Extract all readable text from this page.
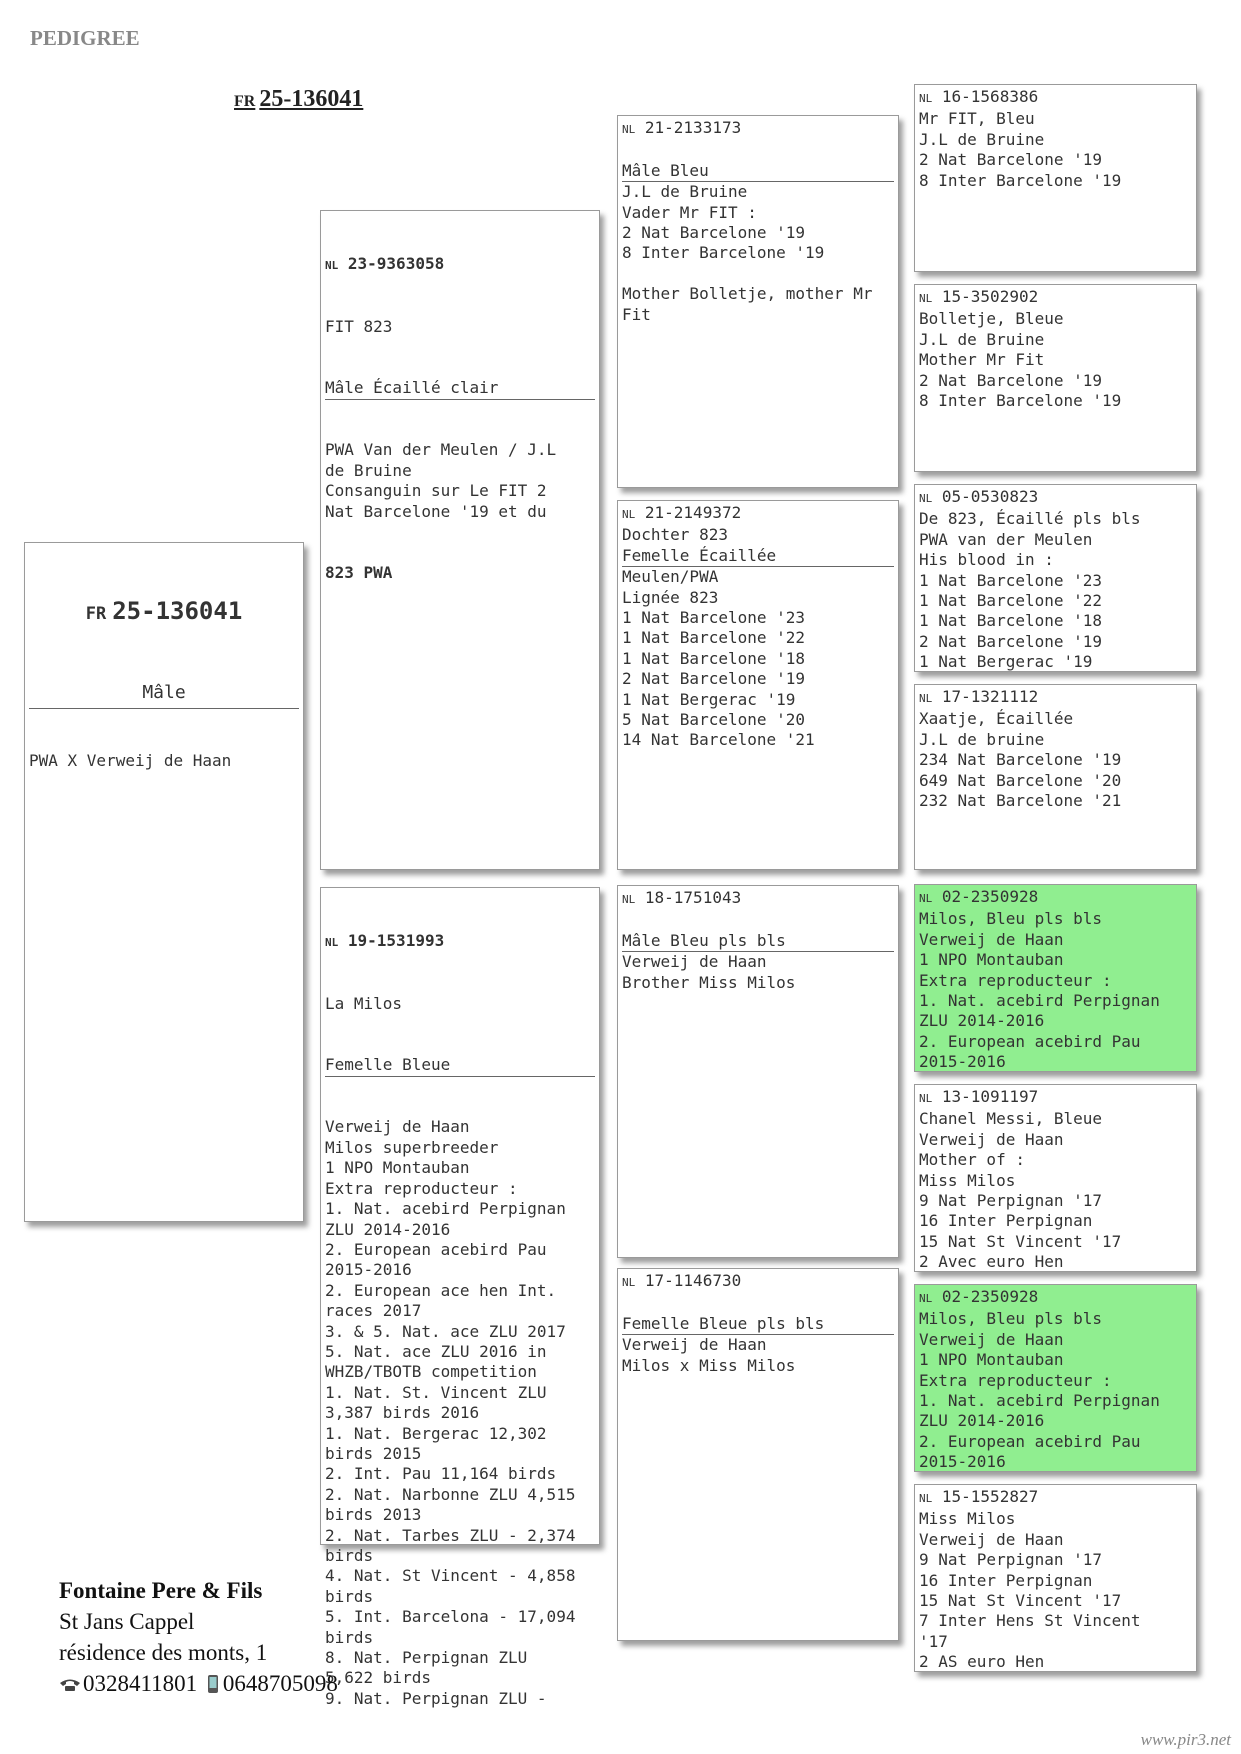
PEDIGREE
FR 25-136041

FR 25-136041

Mâle

PWA X Verweij de Haan

NL 23-9363058

FIT 823

Mâle Écaillé clair

PWA Van der Meulen / J.L
de Bruine
Consanguin sur Le FIT 2
Nat Barcelone '19 et du

823 PWA

NL 19-1531993

La Milos

Femelle Bleue

Verweij de Haan
Milos superbreeder
1 NPO Montauban
Extra reproducteur :
1. Nat. acebird Perpignan
ZLU 2014-2016
2. European acebird Pau
2015-2016
2. European ace hen Int.
races 2017
3. & 5. Nat. ace ZLU 2017
5. Nat. ace ZLU 2016 in
WHZB/TBOTB competition
1. Nat. St. Vincent ZLU
3,387 birds 2016
1. Nat. Bergerac 12,302
birds 2015
2. Int. Pau 11,164 birds
2. Nat. Narbonne ZLU 4,515
birds 2013
2. Nat. Tarbes ZLU - 2,374
birds
4. Nat. St Vincent - 4,858
birds
5. Int. Barcelona - 17,094
birds
8. Nat. Perpignan ZLU
5,622 birds
9. Nat. Perpignan ZLU -

NL 21-2133173

Mâle Bleu
J.L de Bruine
Vader Mr FIT :
2 Nat Barcelone '19
8 Inter Barcelone '19

Mother Bolletje, mother Mr
Fit
NL 21-2149372
Dochter 823
Femelle Écaillée
Meulen/PWA
Lignée 823
1 Nat Barcelone '23
1 Nat Barcelone '22
1 Nat Barcelone '18
2 Nat Barcelone '19
1 Nat Bergerac '19
5 Nat Barcelone '20
14 Nat Barcelone '21
NL 18-1751043

Mâle Bleu pls bls
Verweij de Haan
Brother Miss Milos
NL 17-1146730

Femelle Bleue pls bls
Verweij de Haan
Milos x Miss Milos
NL 16-1568386
Mr FIT, Bleu
J.L de Bruine
2 Nat Barcelone '19
8 Inter Barcelone '19
NL 15-3502902
Bolletje, Bleue
J.L de Bruine
Mother Mr Fit
2 Nat Barcelone '19
8 Inter Barcelone '19
NL 05-0530823
De 823, Écaillé pls bls
PWA van der Meulen
His blood in :
1 Nat Barcelone '23
1 Nat Barcelone '22
1 Nat Barcelone '18
2 Nat Barcelone '19
1 Nat Bergerac '19
NL 17-1321112
Xaatje, Écaillée
J.L de bruine
234 Nat Barcelone '19
649 Nat Barcelone '20
232 Nat Barcelone '21
NL 02-2350928
Milos, Bleu pls bls
Verweij de Haan
1 NPO Montauban
Extra reproducteur :
1. Nat. acebird Perpignan
ZLU 2014-2016
2. European acebird Pau
2015-2016
NL 13-1091197
Chanel Messi, Bleue
Verweij de Haan
Mother of :
Miss Milos
9 Nat Perpignan '17
16 Inter Perpignan
15 Nat St Vincent '17
2 Avec euro Hen
NL 02-2350928
Milos, Bleu pls bls
Verweij de Haan
1 NPO Montauban
Extra reproducteur :
1. Nat. acebird Perpignan
ZLU 2014-2016
2. European acebird Pau
2015-2016
NL 15-1552827
Miss Milos
Verweij de Haan
9 Nat Perpignan '17
16 Inter Perpignan
15 Nat St Vincent '17
7 Inter Hens St Vincent
'17
2 AS euro Hen
Fontaine Pere & Fils
St Jans Cappel
résidence des monts, 1
0328411801 0648705098
www.pir3.net
